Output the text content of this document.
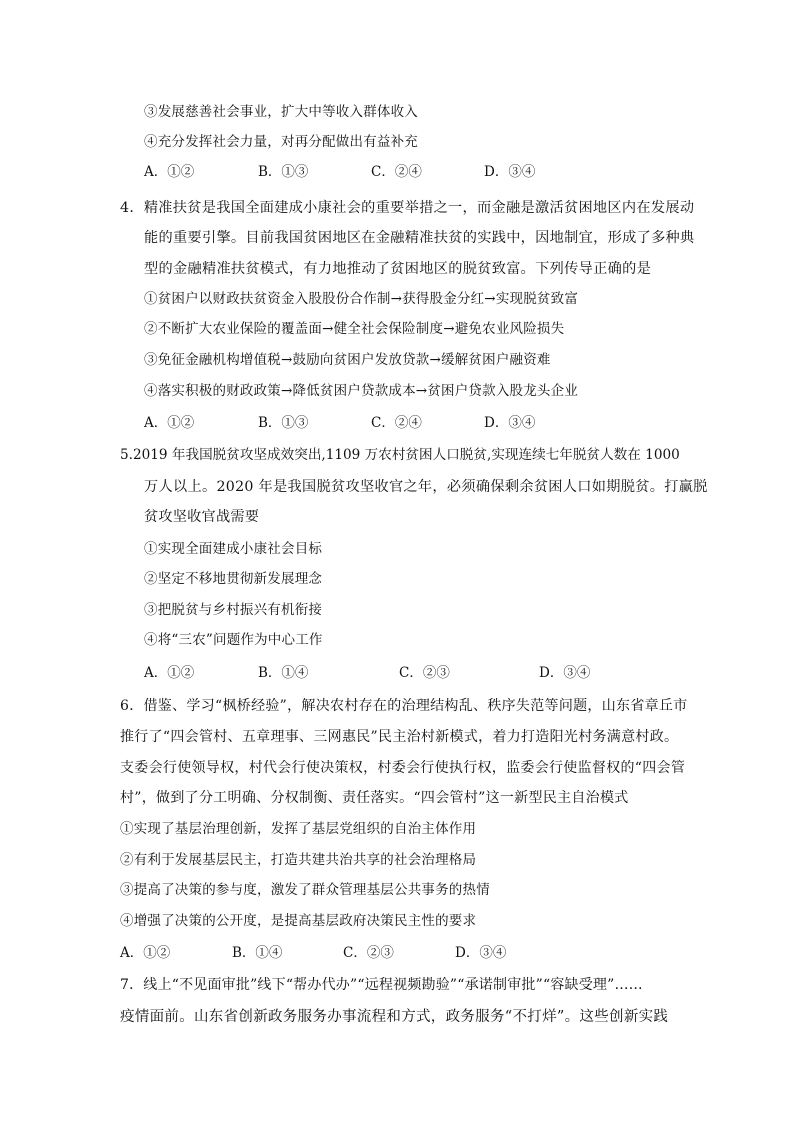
③发展慈善社会事业，扩大中等收入群体收入
④充分发挥社会力量，对再分配做出有益补充
A．①②	B．①③	C．②④	D．③④
4．精准扶贫是我国全面建成小康社会的重要举措之一，而金融是激活贫困地区内在发展动
能的重要引擎。目前我国贫困地区在金融精准扶贫的实践中，因地制宜，形成了多种典
型的金融精准扶贫模式，有力地推动了贫困地区的脱贫致富。下列传导正确的是
①贫困户以财政扶贫资金入股股份合作制→获得股金分红→实现脱贫致富
②不断扩大农业保险的覆盖面→健全社会保险制度→避免农业风险损失
③免征金融机构增值税→鼓励向贫困户发放贷款→缓解贫困户融资难
④落实积极的财政政策→降低贫困户贷款成本→贫困户贷款入股龙头企业
A．①②	B．①③	C．②④	D．③④
5.2019 年我国脱贫攻坚成效突出,1109 万农村贫困人口脱贫,实现连续七年脱贫人数在 1000
万人以上。2020 年是我国脱贫攻坚收官之年，必须确保剩余贫困人口如期脱贫。打赢脱
贫攻坚收官战需要
①实现全面建成小康社会目标
②坚定不移地贯彻新发展理念
③把脱贫与乡村振兴有机衔接
④将“三农”问题作为中心工作
A．①②	B．①④	C．②③	D．③④
6．借鉴、学习“枫桥经验”，解决农村存在的治理结构乱、秩序失范等问题，山东省章丘市
推行了“四会管村、五章理事、三网惠民”民主治村新模式，着力打造阳光村务满意村政。
支委会行使领导权，村代会行使决策权，村委会行使执行权，监委会行使监督权的“四会管
村”，做到了分工明确、分权制衡、责任落实。“四会管村”这一新型民主自治模式
①实现了基层治理创新，发挥了基层党组织的自治主体作用
②有利于发展基层民主，打造共建共治共享的社会治理格局
③提高了决策的参与度，激发了群众管理基层公共事务的热情
④增强了决策的公开度，是提高基层政府决策民主性的要求
A．①②	B．①④	C．②③	D．③④
7．线上“不见面审批”线下“帮办代办”“远程视频勘验”“承诺制审批”“容缺受理”……
疫情面前。山东省创新政务服务办事流程和方式，政务服务“不打烊”。这些创新实践
